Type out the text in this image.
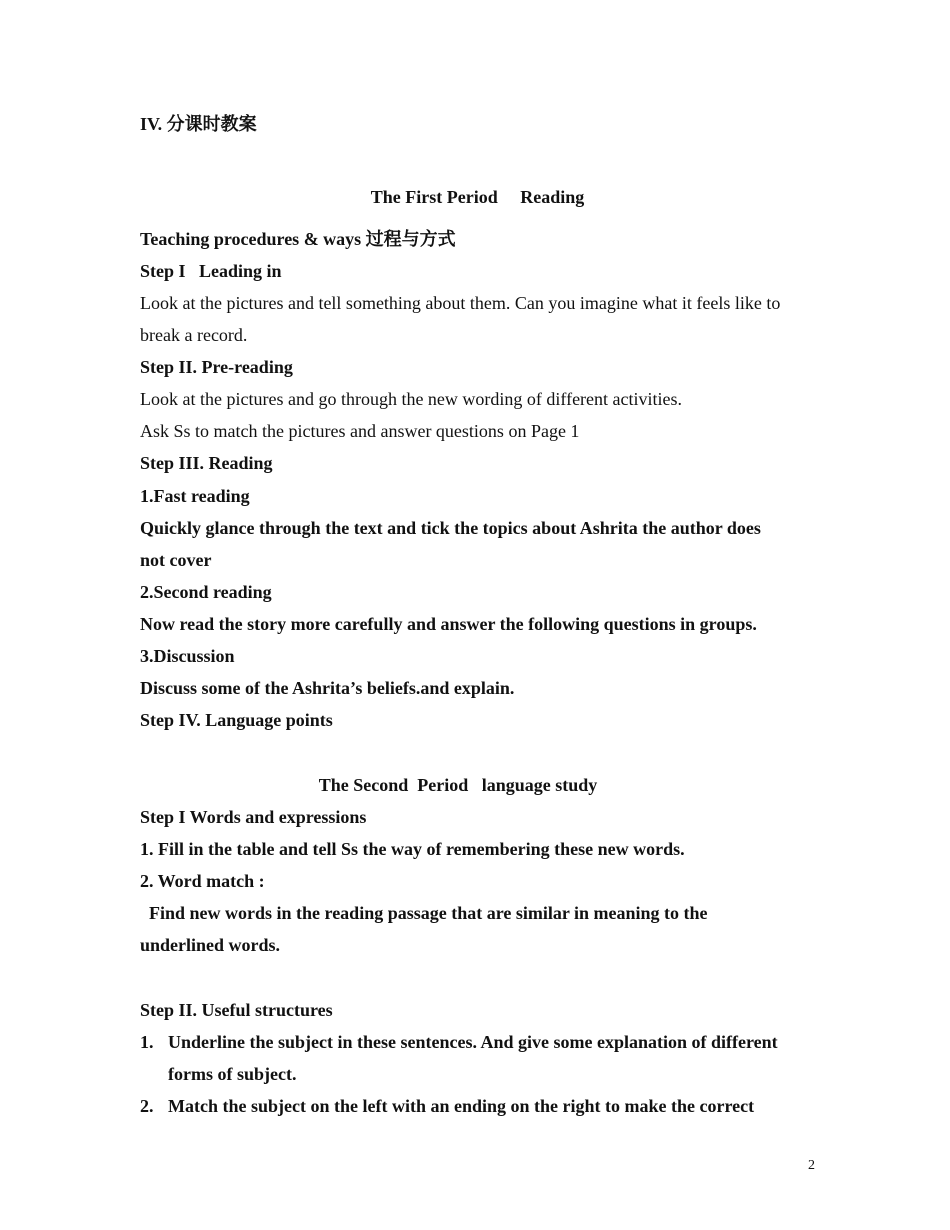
IV. 分课时教案
The First Period     Reading
Teaching procedures & ways 过程与方式
Step I   Leading in
Look at the pictures and tell something about them. Can you imagine what it feels like to
break a record.
Step II. Pre-reading
Look at the pictures and go through the new wording of different activities.
Ask Ss to match the pictures and answer questions on Page 1
Step III. Reading
1.Fast reading
Quickly glance through the text and tick the topics about Ashrita the author does
not cover
2.Second reading
Now read the story more carefully and answer the following questions in groups.
3.Discussion
Discuss some of the Ashrita’s beliefs.and explain.
Step IV. Language points
The Second  Period   language study
Step I Words and expressions
1. Fill in the table and tell Ss the way of remembering these new words.
2. Word match :
Find new words in the reading passage that are similar in meaning to the
underlined words.
Step II. Useful structures
1. Underline the subject in these sentences. And give some explanation of different
forms of subject.
2. Match the subject on the left with an ending on the right to make the correct
2
